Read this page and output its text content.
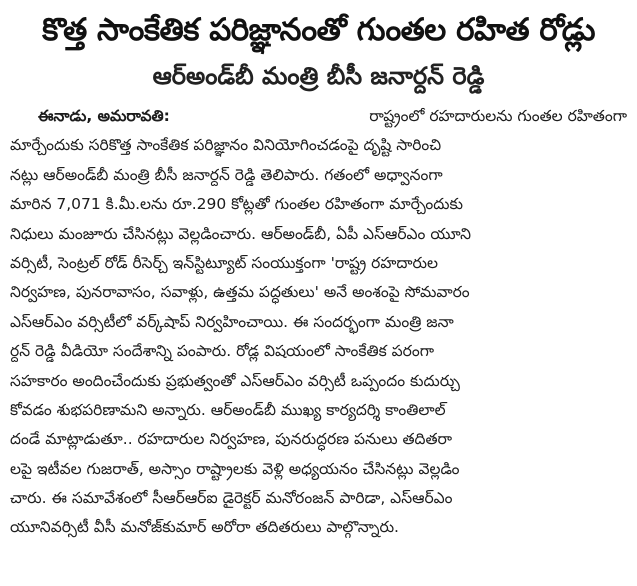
కొత్త సాంకేతిక పరిజ్ఞానంతో గుంతల రహిత రోడ్లు
ఆర్‌అండ్‌బీ మంత్రి బీసీ జనార్దన్ రెడ్డి
ఈనాడు, అమరావతి:	రాష్ట్రంలో రహదారులను గుంతల రహితంగా
మార్చేందుకు సరికొత్త సాంకేతిక పరిజ్ఞానం వినియోగించడంపై దృష్టి సారించి
నట్లు ఆర్‌అండ్‌బీ మంత్రి బీసీ జనార్దన్ రెడ్డి తెలిపారు. గతంలో అధ్వానంగా
మారిన 7,071 కి.మీ.లను రూ.290 కోట్లతో గుంతల రహితంగా మార్చేందుకు
నిధులు మంజూరు చేసినట్లు వెల్లడించారు. ఆర్‌అండ్‌బీ, ఏపీ ఎస్‌ఆర్‌ఎం యూని
వర్సిటీ, సెంట్రల్ రోడ్ రీసెర్చ్ ఇన్‌స్టిట్యూట్ సంయుక్తంగా 'రాష్ట్ర రహదారుల
నిర్వహణ, పునరావాసం, సవాళ్లు, ఉత్తమ పద్ధతులు' అనే అంశంపై సోమవారం
ఎస్‌ఆర్‌ఎం వర్సిటీలో వర్క్‌షాప్ నిర్వహించాయి. ఈ సందర్భంగా మంత్రి జనా
ర్దన్ రెడ్డి వీడియో సందేశాన్ని పంపారు. రోడ్ల విషయంలో సాంకేతిక పరంగా
సహకారం అందించేందుకు ప్రభుత్వంతో ఎస్‌ఆర్‌ఎం వర్సిటీ ఒప్పందం కుదుర్చు
కోవడం శుభపరిణామని అన్నారు. ఆర్‌అండ్‌బీ ముఖ్య కార్యదర్శి కాంతిలాల్
దండే మాట్లాడుతూ.. రహదారుల నిర్వహణ, పునరుద్ధరణ పనులు తదితరా
లపై ఇటీవల గుజరాత్, అస్సాం రాష్ట్రాలకు వెళ్లి అధ్యయనం చేసినట్లు వెల్లడిం
చారు. ఈ సమావేశంలో సీఆర్‌ఆర్ఐ డైరెక్టర్ మనోరంజన్ పారిడా, ఎస్‌ఆర్‌ఎం
యూనివర్సిటీ వీసీ మనోజ్‌కుమార్ అరోరా తదితరులు పాల్గొన్నారు.
